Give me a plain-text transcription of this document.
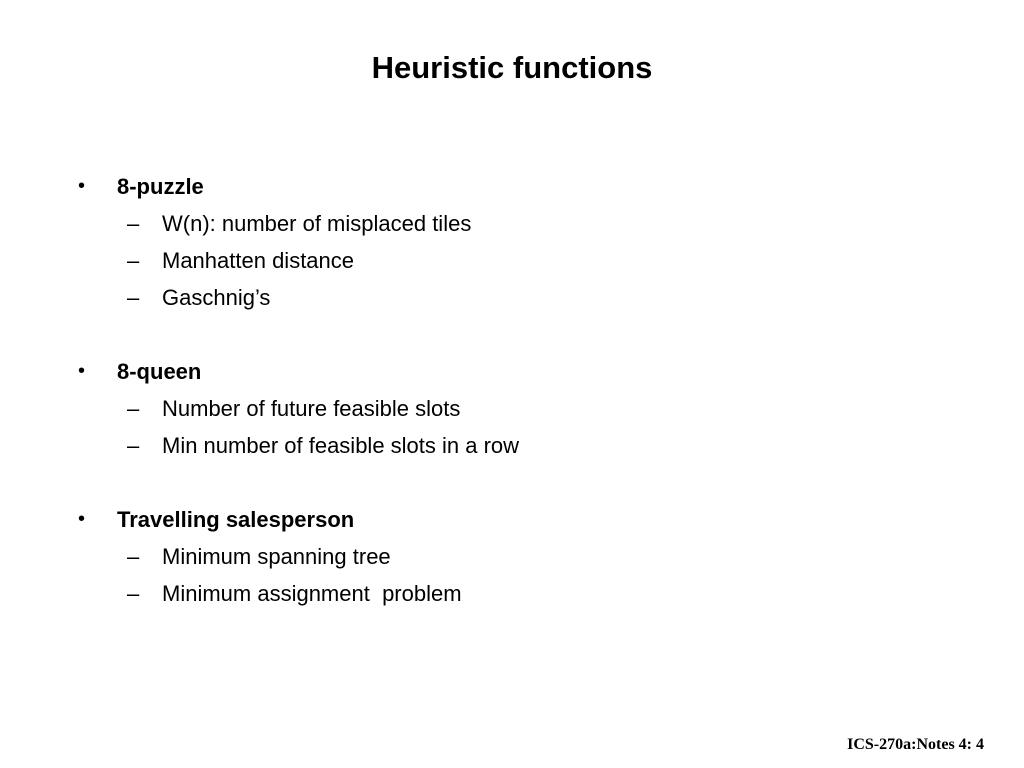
Heuristic functions
• 8-puzzle
– W(n): number of misplaced tiles
– Manhatten distance
– Gaschnig’s
• 8-queen
– Number of future feasible slots
– Min number of feasible slots in a row
• Travelling salesperson
– Minimum spanning tree
– Minimum assignment  problem
ICS-270a:Notes 4: 4
